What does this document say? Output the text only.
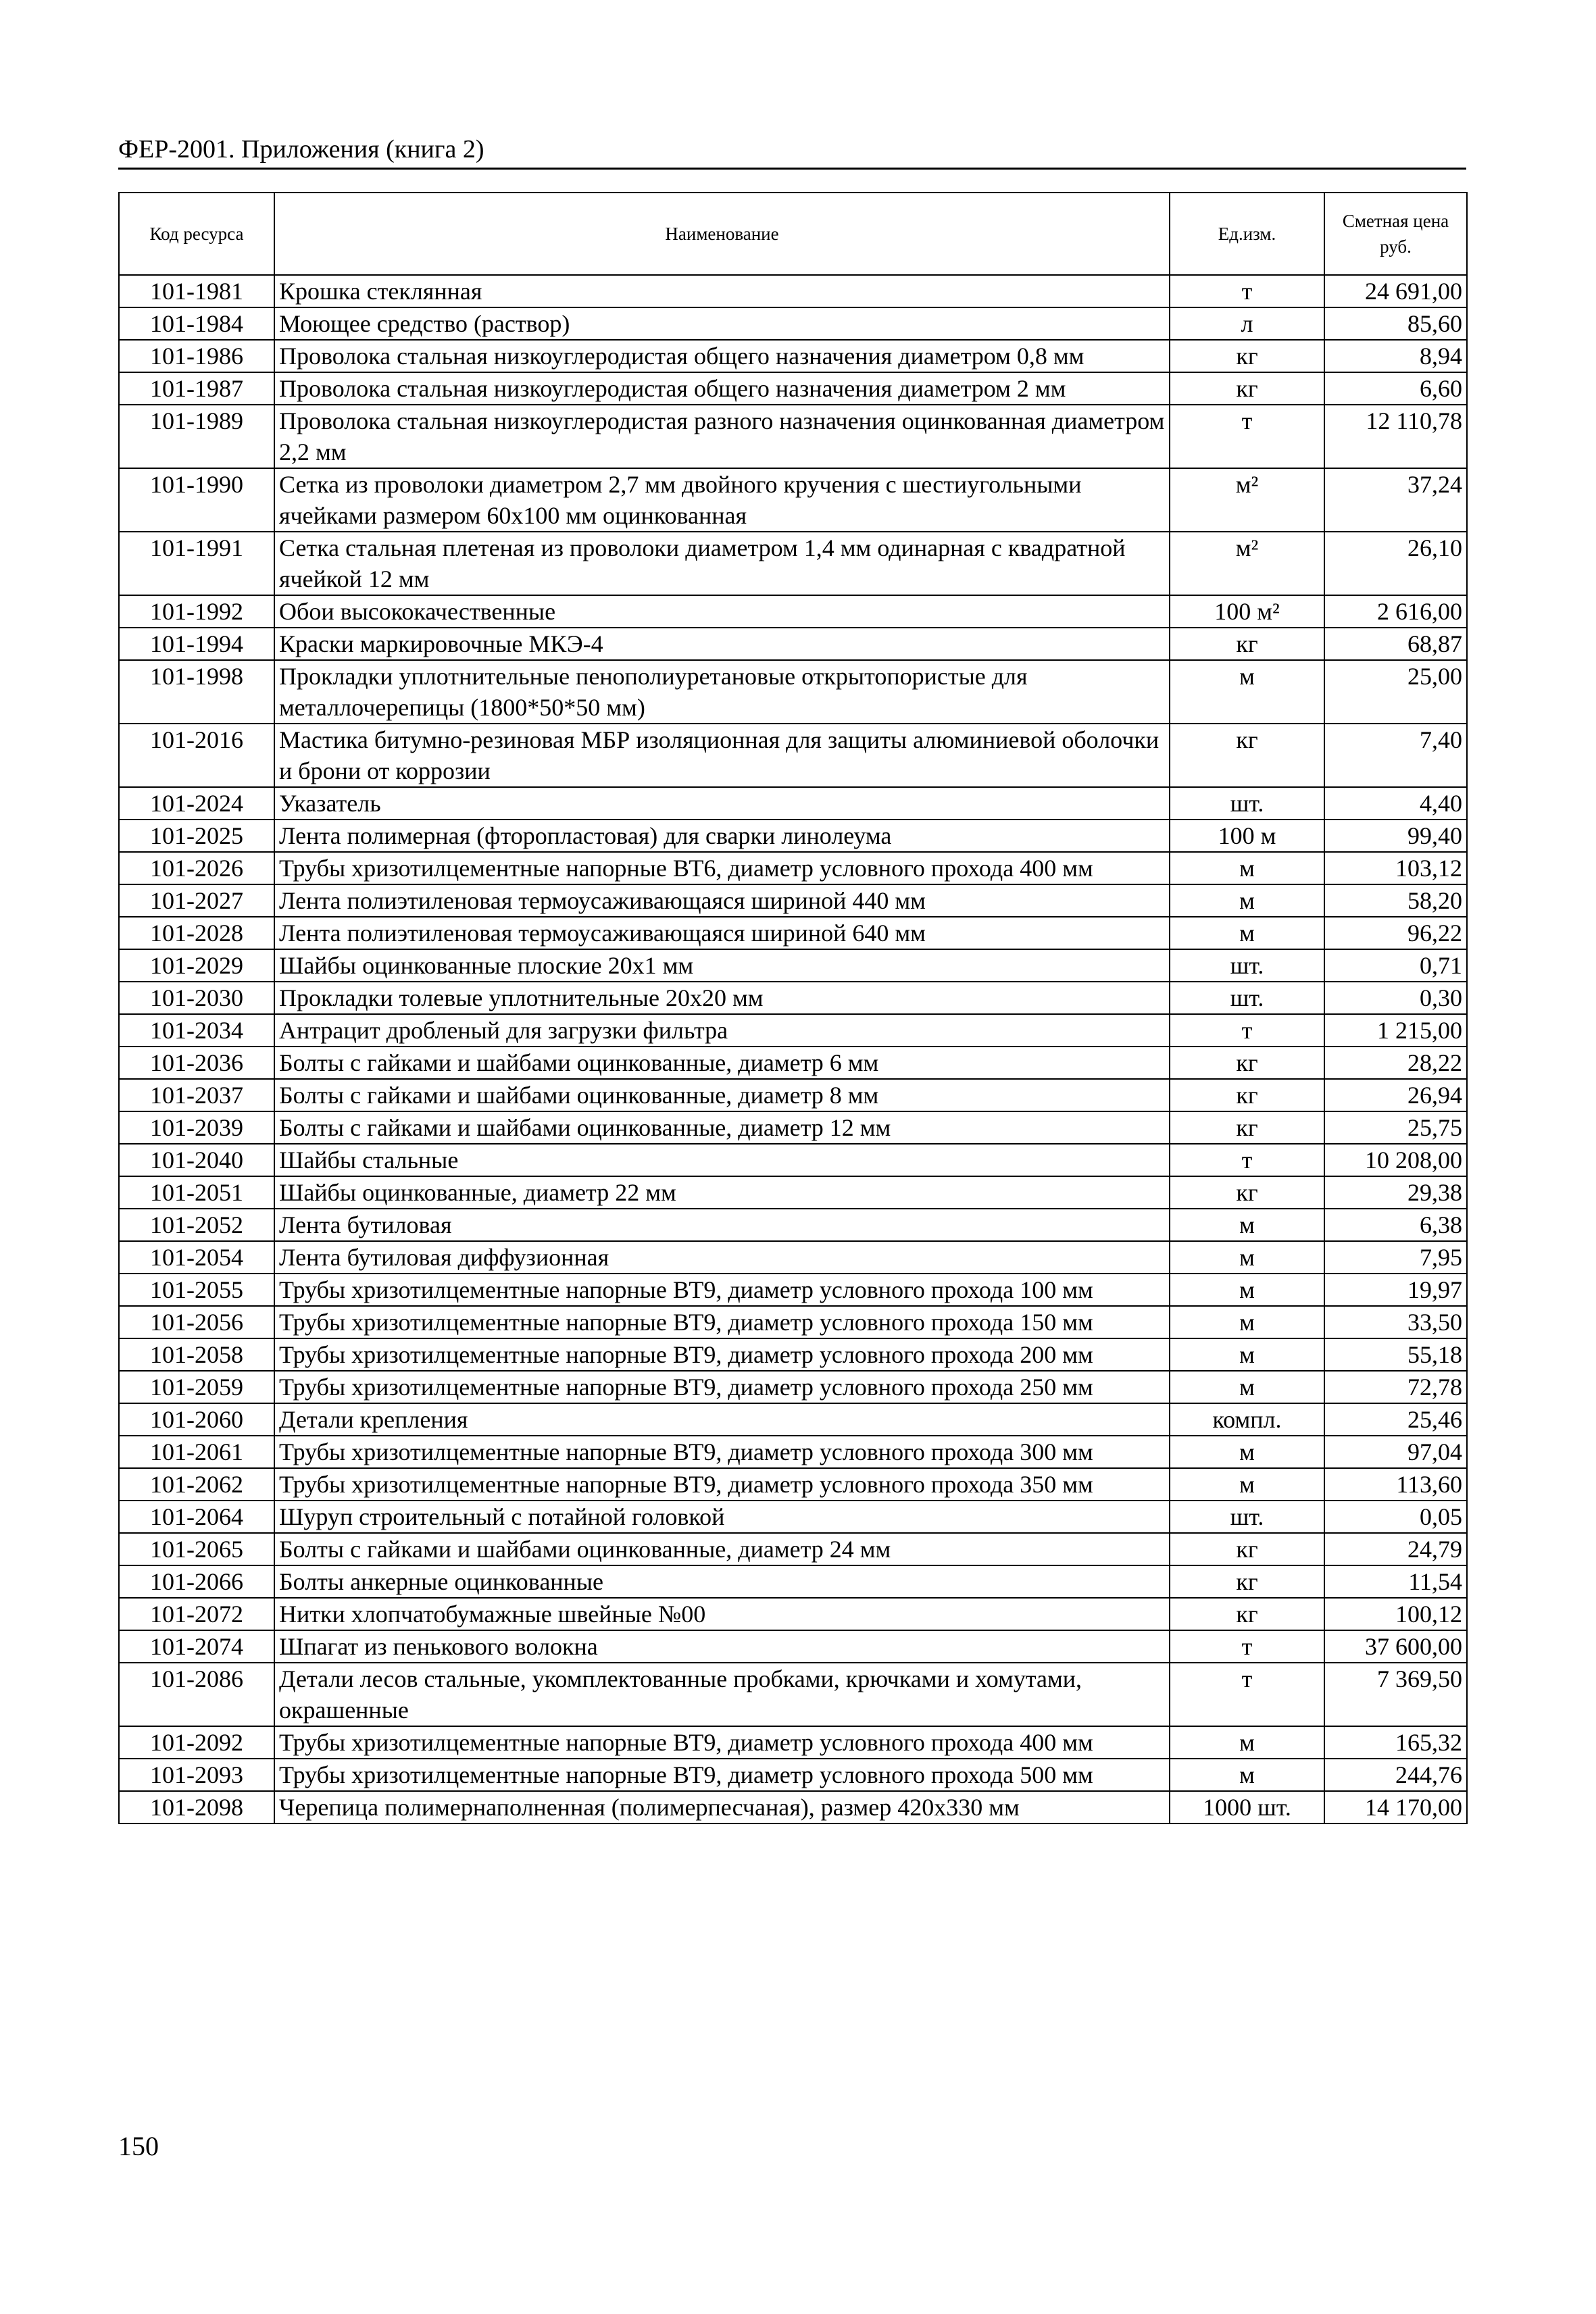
ФЕР-2001. Приложения (книга 2)
Код ресурса	Наименование	Ед.изм.	Сметная цена руб.
101-1981	Крошка стеклянная	т	24 691,00
101-1984	Моющее средство (раствор)	л	85,60
101-1986	Проволока стальная низкоуглеродистая общего назначения диаметром 0,8 мм	кг	8,94
101-1987	Проволока стальная низкоуглеродистая общего назначения диаметром 2 мм	кг	6,60
101-1989	Проволока стальная низкоуглеродистая разного назначения оцинкованная диаметром 2,2 мм	т	12 110,78
101-1990	Сетка из проволоки диаметром 2,7 мм двойного кручения с шестиугольными ячейками размером 60x100 мм оцинкованная	м²	37,24
101-1991	Сетка стальная плетеная из проволоки диаметром 1,4 мм одинарная с квадратной ячейкой 12 мм	м²	26,10
101-1992	Обои высококачественные	100 м²	2 616,00
101-1994	Краски маркировочные МКЭ-4	кг	68,87
101-1998	Прокладки уплотнительные пенополиуретановые открытопористые для металлочерепицы (1800*50*50 мм)	м	25,00
101-2016	Мастика битумно-резиновая МБР изоляционная для защиты алюминиевой оболочки и брони от коррозии	кг	7,40
101-2024	Указатель	шт.	4,40
101-2025	Лента полимерная (фторопластовая) для сварки линолеума	100 м	99,40
101-2026	Трубы хризотилцементные напорные ВТ6, диаметр условного прохода 400 мм	м	103,12
101-2027	Лента полиэтиленовая термоусаживающаяся шириной 440 мм	м	58,20
101-2028	Лента полиэтиленовая термоусаживающаяся шириной 640 мм	м	96,22
101-2029	Шайбы оцинкованные плоские 20x1 мм	шт.	0,71
101-2030	Прокладки толевые уплотнительные 20x20 мм	шт.	0,30
101-2034	Антрацит дробленый для загрузки фильтра	т	1 215,00
101-2036	Болты с гайками и шайбами оцинкованные, диаметр 6 мм	кг	28,22
101-2037	Болты с гайками и шайбами оцинкованные, диаметр 8 мм	кг	26,94
101-2039	Болты с гайками и шайбами оцинкованные, диаметр 12 мм	кг	25,75
101-2040	Шайбы стальные	т	10 208,00
101-2051	Шайбы оцинкованные, диаметр 22 мм	кг	29,38
101-2052	Лента бутиловая	м	6,38
101-2054	Лента бутиловая диффузионная	м	7,95
101-2055	Трубы хризотилцементные напорные ВТ9, диаметр условного прохода 100 мм	м	19,97
101-2056	Трубы хризотилцементные напорные ВТ9, диаметр условного прохода 150 мм	м	33,50
101-2058	Трубы хризотилцементные напорные ВТ9, диаметр условного прохода 200 мм	м	55,18
101-2059	Трубы хризотилцементные напорные ВТ9, диаметр условного прохода 250 мм	м	72,78
101-2060	Детали крепления	компл.	25,46
101-2061	Трубы хризотилцементные напорные ВТ9, диаметр условного прохода 300 мм	м	97,04
101-2062	Трубы хризотилцементные напорные ВТ9, диаметр условного прохода 350 мм	м	113,60
101-2064	Шуруп строительный с потайной головкой	шт.	0,05
101-2065	Болты с гайками и шайбами оцинкованные, диаметр 24 мм	кг	24,79
101-2066	Болты анкерные оцинкованные	кг	11,54
101-2072	Нитки хлопчатобумажные швейные №00	кг	100,12
101-2074	Шпагат из пенькового волокна	т	37 600,00
101-2086	Детали лесов стальные, укомплектованные пробками, крючками и хомутами, окрашенные	т	7 369,50
101-2092	Трубы хризотилцементные напорные ВТ9, диаметр условного прохода 400 мм	м	165,32
101-2093	Трубы хризотилцементные напорные ВТ9, диаметр условного прохода 500 мм	м	244,76
101-2098	Черепица полимернаполненная (полимерпесчаная), размер 420x330 мм	1000 шт.	14 170,00
150
